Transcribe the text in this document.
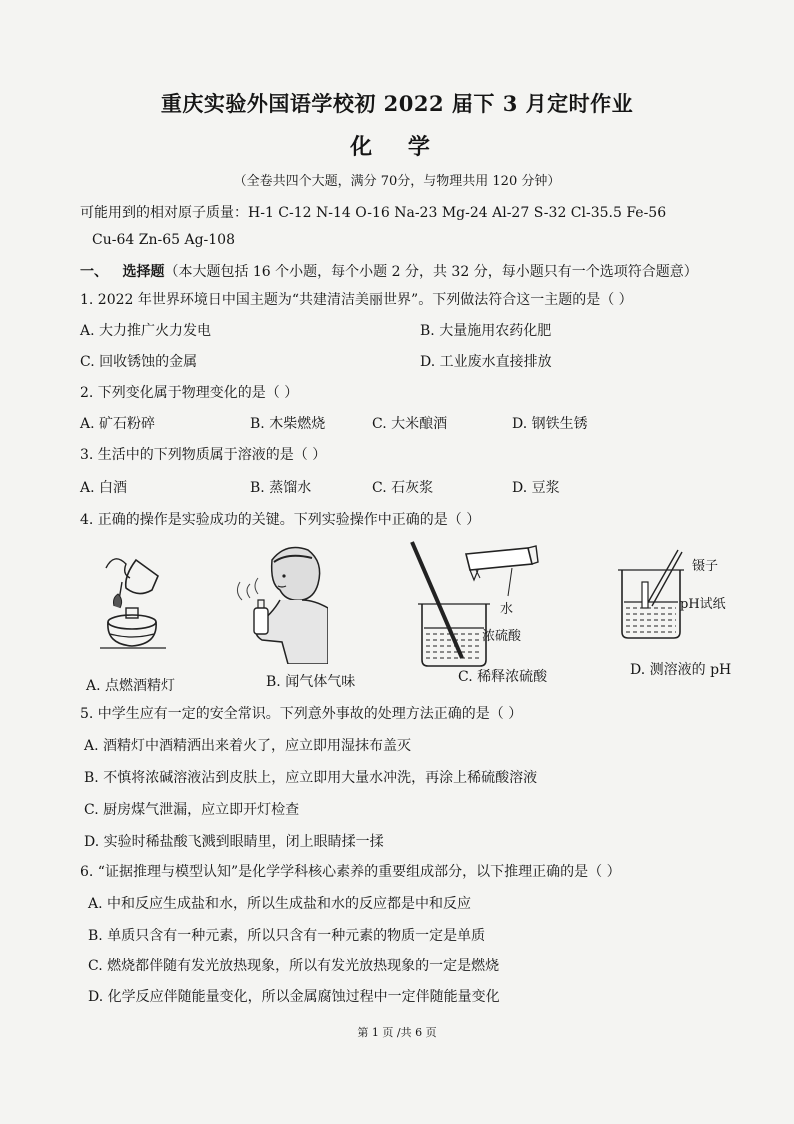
重庆实验外国语学校初 2022 届下 3 月定时作业
化 学
（全卷共四个大题，满分 70分，与物理共用 120 分钟）
可能用到的相对原子质量：H-1 C-12 N-14 O-16 Na-23 Mg-24 Al-27 S-32 Cl-35.5 Fe-56
Cu-64 Zn-65 Ag-108
一、 选择题（本大题包括 16 个小题，每个小题 2 分，共 32 分，每小题只有一个选项符合题意）
1. 2022 年世界环境日中国主题为“共建清洁美丽世界”。下列做法符合这一主题的是（ ）
A. 大力推广火力发电	B. 大量施用农药化肥
C. 回收锈蚀的金属	D. 工业废水直接排放
2. 下列变化属于物理变化的是（ ）
A. 矿石粉碎	B. 木柴燃烧	C. 大米酿酒	D. 钢铁生锈
3. 生活中的下列物质属于溶液的是（ ）
A. 白酒	B. 蒸馏水	C. 石灰浆	D. 豆浆
4. 正确的操作是实验成功的关键。下列实验操作中正确的是（ ）
水
浓硫酸
镊子
pH试纸
A. 点燃酒精灯	B. 闻气体气味	C. 稀释浓硫酸	D. 测溶液的 pH
5. 中学生应有一定的安全常识。下列意外事故的处理方法正确的是（ ）
A. 酒精灯中酒精洒出来着火了，应立即用湿抹布盖灭
B. 不慎将浓碱溶液沾到皮肤上，应立即用大量水冲洗，再涂上稀硫酸溶液
C. 厨房煤气泄漏，应立即开灯检查
D. 实验时稀盐酸飞溅到眼睛里，闭上眼睛揉一揉
6. “证据推理与模型认知”是化学学科核心素养的重要组成部分，以下推理正确的是（ ）
A. 中和反应生成盐和水，所以生成盐和水的反应都是中和反应
B. 单质只含有一种元素，所以只含有一种元素的物质一定是单质
C. 燃烧都伴随有发光放热现象，所以有发光放热现象的一定是燃烧
D. 化学反应伴随能量变化，所以金属腐蚀过程中一定伴随能量变化
第 1 页 /共 6 页
